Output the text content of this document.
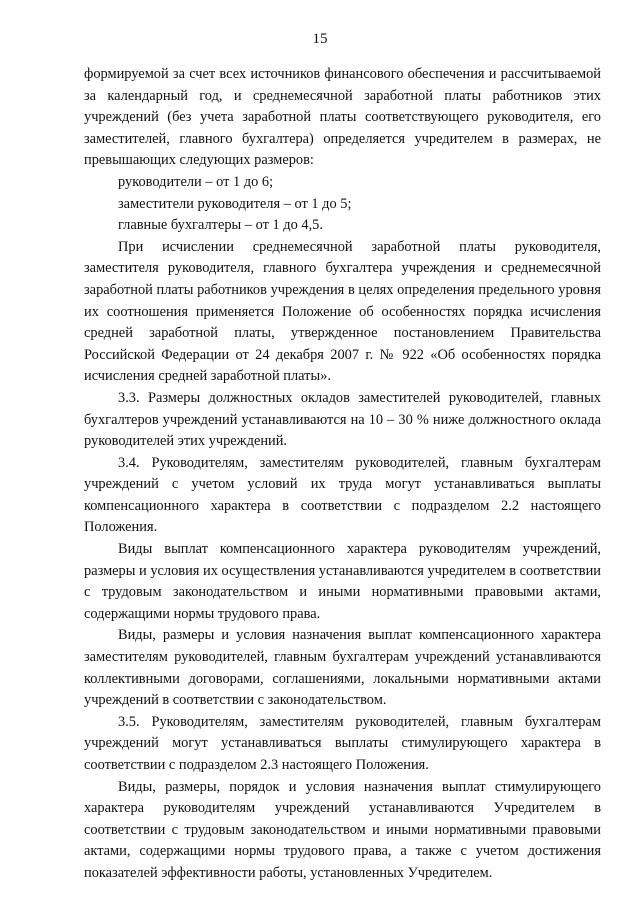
15

формируемой за счет всех источников финансового обеспечения и рассчитываемой за календарный год, и среднемесячной заработной платы работников этих учреждений (без учета заработной платы соответствующего руководителя, его заместителей, главного бухгалтера) определяется учредителем в размерах, не превышающих следующих размеров:

руководители – от 1 до 6;

заместители руководителя – от 1 до 5;

главные бухгалтеры – от 1 до 4,5.

При исчислении среднемесячной заработной платы руководителя, заместителя руководителя, главного бухгалтера учреждения и среднемесячной заработной платы работников учреждения в целях определения предельного уровня их соотношения применяется Положение об особенностях порядка исчисления средней заработной платы, утвержденное постановлением Правительства Российской Федерации от 24 декабря 2007 г. № 922 «Об особенностях порядка исчисления средней заработной платы».

3.3. Размеры должностных окладов заместителей руководителей, главных бухгалтеров учреждений устанавливаются на 10 – 30 % ниже должностного оклада руководителей этих учреждений.

3.4. Руководителям, заместителям руководителей, главным бухгалтерам учреждений с учетом условий их труда могут устанавливаться выплаты компенсационного характера в соответствии с подразделом 2.2 настоящего Положения.

Виды выплат компенсационного характера руководителям учреждений, размеры и условия их осуществления устанавливаются учредителем в соответствии с трудовым законодательством и иными нормативными правовыми актами, содержащими нормы трудового права.

Виды, размеры и условия назначения выплат компенсационного характера заместителям руководителей, главным бухгалтерам учреждений устанавливаются коллективными договорами, соглашениями, локальными нормативными актами учреждений в соответствии с законодательством.

3.5. Руководителям, заместителям руководителей, главным бухгалтерам учреждений могут устанавливаться выплаты стимулирующего характера в соответствии с подразделом 2.3 настоящего Положения.

Виды, размеры, порядок и условия назначения выплат стимулирующего характера руководителям учреждений устанавливаются Учредителем в соответствии с трудовым законодательством и иными нормативными правовыми актами, содержащими нормы трудового права, а также с учетом достижения показателей эффективности работы, установленных Учредителем.
